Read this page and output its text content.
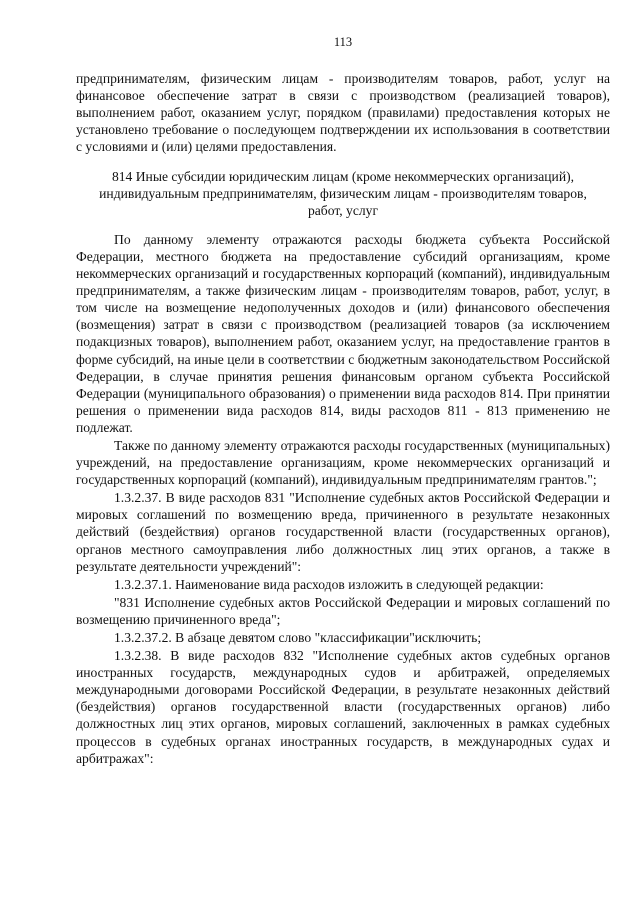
113

предпринимателям, физическим лицам - производителям товаров, работ, услуг на финансовое обеспечение затрат в связи с производством (реализацией товаров), выполнением работ, оказанием услуг, порядком (правилами) предоставления которых не установлено требование о последующем подтверждении их использования в соответствии с условиями и (или) целями предоставления.

814 Иные субсидии юридическим лицам (кроме некоммерческих организаций), индивидуальным предпринимателям, физическим лицам - производителям товаров, работ, услуг

По данному элементу отражаются расходы бюджета субъекта Российской Федерации, местного бюджета на предоставление субсидий организациям, кроме некоммерческих организаций и государственных корпораций (компаний), индивидуальным предпринимателям, а также физическим лицам - производителям товаров, работ, услуг, в том числе на возмещение недополученных доходов и (или) финансового обеспечения (возмещения) затрат в связи с производством (реализацией товаров (за исключением подакцизных товаров), выполнением работ, оказанием услуг, на предоставление грантов в форме субсидий, на иные цели в соответствии с бюджетным законодательством Российской Федерации, в случае принятия решения финансовым органом субъекта Российской Федерации (муниципального образования) о применении вида расходов 814. При принятии решения о применении вида расходов 814, виды расходов 811 - 813 применению не подлежат.

Также по данному элементу отражаются расходы государственных (муниципальных) учреждений, на предоставление организациям, кроме некоммерческих организаций и государственных корпораций (компаний), индивидуальным предпринимателям грантов.";

1.3.2.37. В виде расходов 831 "Исполнение судебных актов Российской Федерации и мировых соглашений по возмещению вреда, причиненного в результате незаконных действий (бездействия) органов государственной власти (государственных органов), органов местного самоуправления либо должностных лиц этих органов, а также в результате деятельности учреждений":

1.3.2.37.1. Наименование вида расходов изложить в следующей редакции:

"831 Исполнение судебных актов Российской Федерации и мировых соглашений по возмещению причиненного вреда";

1.3.2.37.2. В абзаце девятом слово "классификации"исключить;

1.3.2.38. В виде расходов 832 "Исполнение судебных актов судебных органов иностранных государств, международных судов и арбитражей, определяемых международными договорами Российской Федерации, в результате незаконных действий (бездействия) органов государственной власти (государственных органов) либо должностных лиц этих органов, мировых соглашений, заключенных в рамках судебных процессов в судебных органах иностранных государств, в международных судах и арбитражах":
